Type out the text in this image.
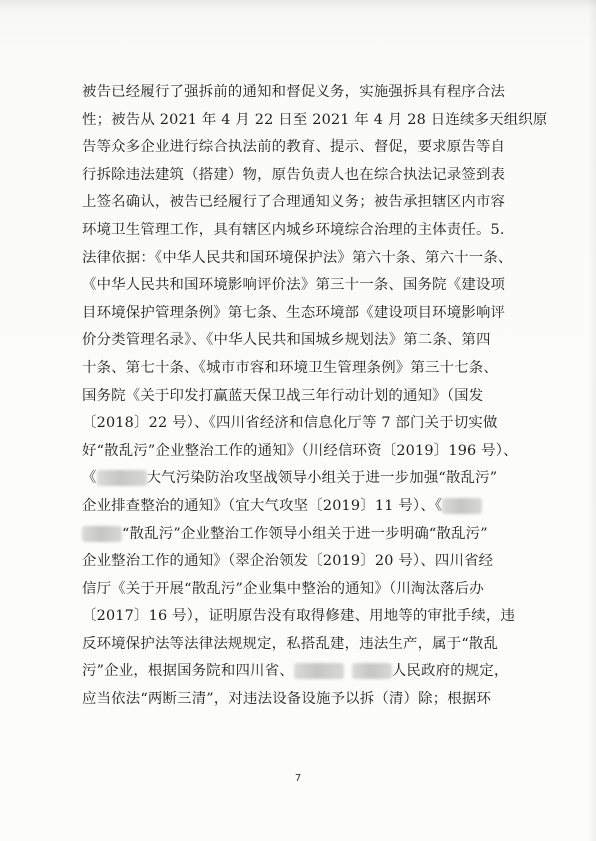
被告已经履行了强拆前的通知和督促义务，实施强拆具有程序合法
性；被告从 2021 年 4 月 22 日至 2021 年 4 月 28 日连续多天组织原
告等众多企业进行综合执法前的教育、提示、督促，要求原告等自
行拆除违法建筑（搭建）物，原告负责人也在综合执法记录签到表
上签名确认，被告已经履行了合理通知义务；被告承担辖区内市容
环境卫生管理工作，具有辖区内城乡环境综合治理的主体责任。5.
法律依据：《中华人民共和国环境保护法》第六十条、第六十一条、
《中华人民共和国环境影响评价法》第三十一条、国务院《建设项
目环境保护管理条例》第七条、生态环境部《建设项目环境影响评
价分类管理名录》、《中华人民共和国城乡规划法》第二条、第四
十条、第七十条、《城市市容和环境卫生管理条例》第三十七条、
国务院《关于印发打赢蓝天保卫战三年行动计划的通知》（国发
〔2018〕22 号）、《四川省经济和信息化厅等 7 部门关于切实做
好“散乱污”企业整治工作的通知》（川经信环资〔2019〕196 号）、
《	大气污染防治攻坚战领导小组关于进一步加强“散乱污”
企业排查整治的通知》（宜大气攻坚〔2019〕11 号）、《
“散乱污”企业整治工作领导小组关于进一步明确“散乱污”
企业整治工作的通知》（翠企治领发〔2019〕20 号）、四川省经
信厅《关于开展“散乱污”企业集中整治的通知》（川淘汰落后办
〔2017〕16 号），证明原告没有取得修建、用地等的审批手续，违
反环境保护法等法律法规规定，私搭乱建，违法生产，属于“散乱
污”企业，根据国务院和四川省、	人民政府的规定，
应当依法“两断三清”，对违法设备设施予以拆（清）除；根据环
7
